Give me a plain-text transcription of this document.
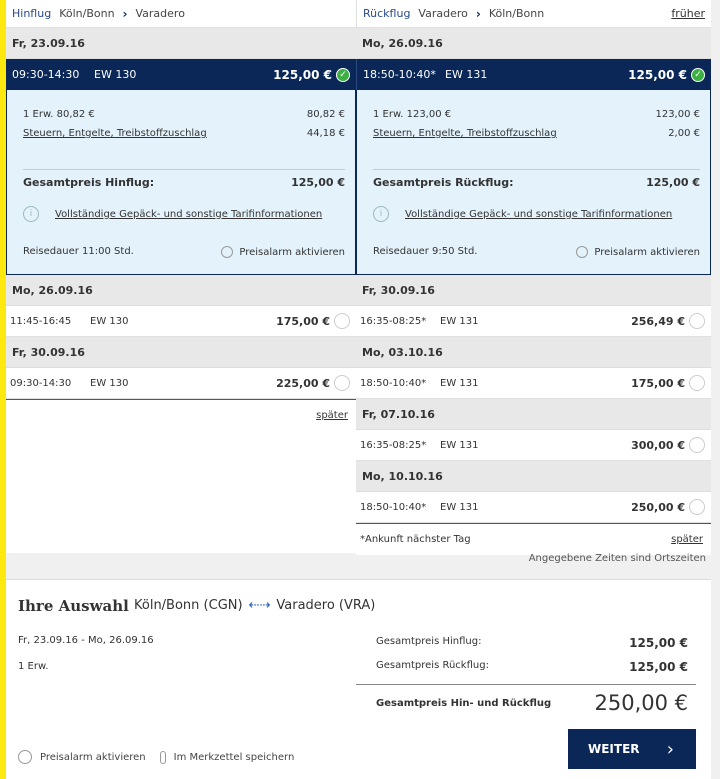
Hinflug Köln/Bonn › Varadero
Fr, 23.09.16
09:30-14:30	EW 130	125,00 € ✓
1 Erw. 80,82 €	80,82 €
Steuern, Entgelte, Treibstoffzuschlag	44,18 €
Gesamtpreis Hinflug:	125,00 €
i	Vollständige Gepäck- und sonstige Tarifinformationen
Reisedauer 11:00 Std.	Preisalarm aktivieren
Mo, 26.09.16
11:45-16:45	EW 130	175,00 €
Fr, 30.09.16
09:30-14:30	EW 130	225,00 €
später
Rückflug Varadero › Köln/Bonn	früher
Mo, 26.09.16
18:50-10:40* EW 131	125,00 € ✓
1 Erw. 123,00 €	123,00 €
Steuern, Entgelte, Treibstoffzuschlag	2,00 €
Gesamtpreis Rückflug:	125,00 €
i	Vollständige Gepäck- und sonstige Tarifinformationen
Reisedauer 9:50 Std.	Preisalarm aktivieren
Fr, 30.09.16
16:35-08:25*	EW 131	256,49 €
Mo, 03.10.16
18:50-10:40*	EW 131	175,00 €
Fr, 07.10.16
16:35-08:25*	EW 131	300,00 €
Mo, 10.10.16
18:50-10:40*	EW 131	250,00 €
*Ankunft nächster Tag	später
Angegebene Zeiten sind Ortszeiten
Ihre Auswahl Köln/Bonn (CGN) ⇠⇢ Varadero (VRA)
Fr, 23.09.16 - Mo, 26.09.16
1 Erw.
Gesamtpreis Hinflug:	125,00 €
Gesamtpreis Rückflug:	125,00 €
Gesamtpreis Hin- und Rückflug 250,00 €
Preisalarm aktivieren	Im Merkzettel speichern
WEITER ›
